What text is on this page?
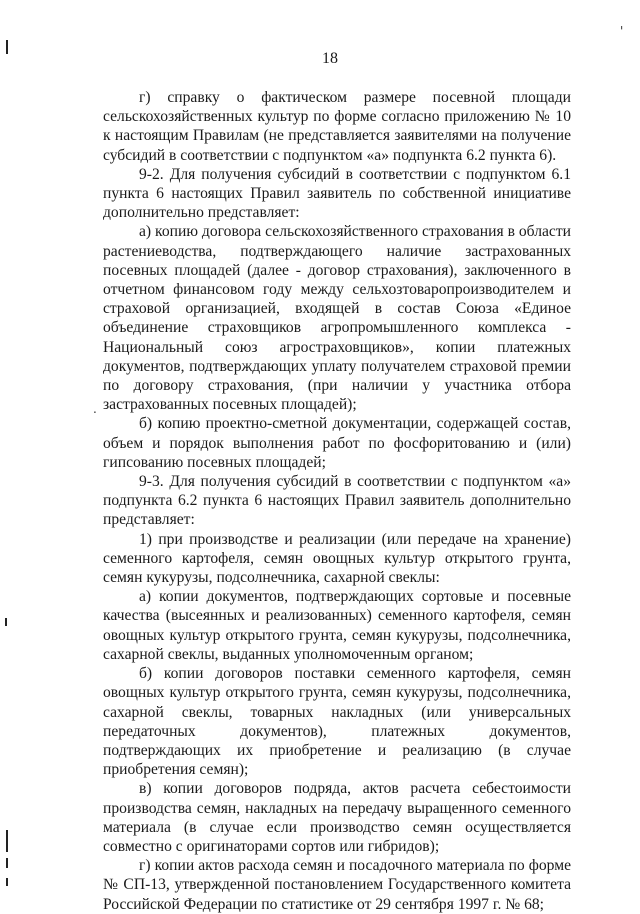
'
.
18

г) справку о фактическом размере посевной площади сельскохозяйственных культур по форме согласно приложению № 10 к настоящим Правилам (не представляется заявителями на получение субсидий в соответствии с подпунктом «а» подпункта 6.2 пункта 6).

9-2. Для получения субсидий в соответствии с подпунктом 6.1 пункта 6 настоящих Правил заявитель по собственной инициативе дополнительно представляет:

а) копию договора сельскохозяйственного страхования в области растениеводства, подтверждающего наличие застрахованных посевных площадей (далее - договор страхования), заключенного в отчетном финансовом году между сельхозтоваропроизводителем и страховой организацией, входящей в состав Союза «Единое объединение страховщиков агропромышленного комплекса - Национальный союз агростраховщиков», копии платежных документов, подтверждающих уплату получателем страховой премии по договору страхования, (при наличии у участника отбора застрахованных посевных площадей);

б) копию проектно-сметной документации, содержащей состав, объем и порядок выполнения работ по фосфоритованию и (или) гипсованию посевных площадей;

9-3. Для получения субсидий в соответствии с подпунктом «а» подпункта 6.2 пункта 6 настоящих Правил заявитель дополнительно представляет:

1) при производстве и реализации (или передаче на хранение) семенного картофеля, семян овощных культур открытого грунта, семян кукурузы, подсолнечника, сахарной свеклы:

а) копии документов, подтверждающих сортовые и посевные качества (высеянных и реализованных) семенного картофеля, семян овощных культур открытого грунта, семян кукурузы, подсолнечника, сахарной свеклы, выданных уполномоченным органом;

б) копии договоров поставки семенного картофеля, семян овощных культур открытого грунта, семян кукурузы, подсолнечника, сахарной свеклы, товарных накладных (или универсальных передаточных документов), платежных документов, подтверждающих их приобретение и реализацию (в случае приобретения семян);

в) копии договоров подряда, актов расчета себестоимости производства семян, накладных на передачу выращенного семенного материала (в случае если производство семян осуществляется совместно с оригинаторами сортов или гибридов);

г) копии актов расхода семян и посадочного материала по форме № СП-13, утвержденной постановлением Государственного комитета Российской Федерации по статистике от 29 сентября 1997 г. № 68;
